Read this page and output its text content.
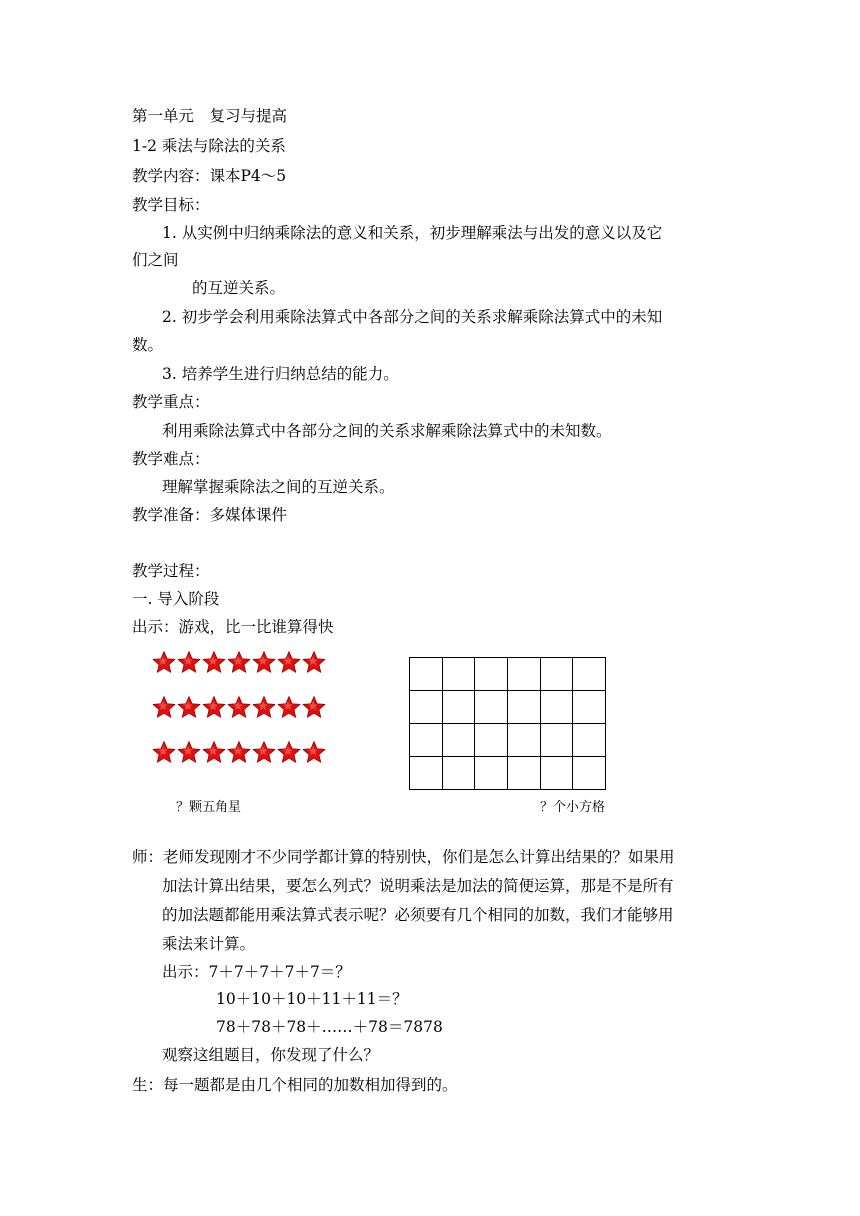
第一单元　复习与提高
1-2 乘法与除法的关系
教学内容：课本P4～5
教学目标：
1. 从实例中归纳乘除法的意义和关系，初步理解乘法与出发的意义以及它
们之间
的互逆关系。
2. 初步学会利用乘除法算式中各部分之间的关系求解乘除法算式中的未知
数。
3. 培养学生进行归纳总结的能力。
教学重点：
利用乘除法算式中各部分之间的关系求解乘除法算式中的未知数。
教学难点：
理解掌握乘除法之间的互逆关系。
教学准备：多媒体课件
教学过程：
一. 导入阶段
出示：游戏，比一比谁算得快

？颗五角星	？个小方格
师：老师发现刚才不少同学都计算的特别快，你们是怎么计算出结果的？如果用
加法计算出结果，要怎么列式？说明乘法是加法的简便运算，那是不是所有
的加法题都能用乘法算式表示呢？必须要有几个相同的加数，我们才能够用
乘法来计算。
出示：7＋7＋7＋7＋7＝？
10＋10＋10＋11＋11＝？
78＋78＋78＋……＋78＝7878
观察这组题目，你发现了什么？
生：每一题都是由几个相同的加数相加得到的。
